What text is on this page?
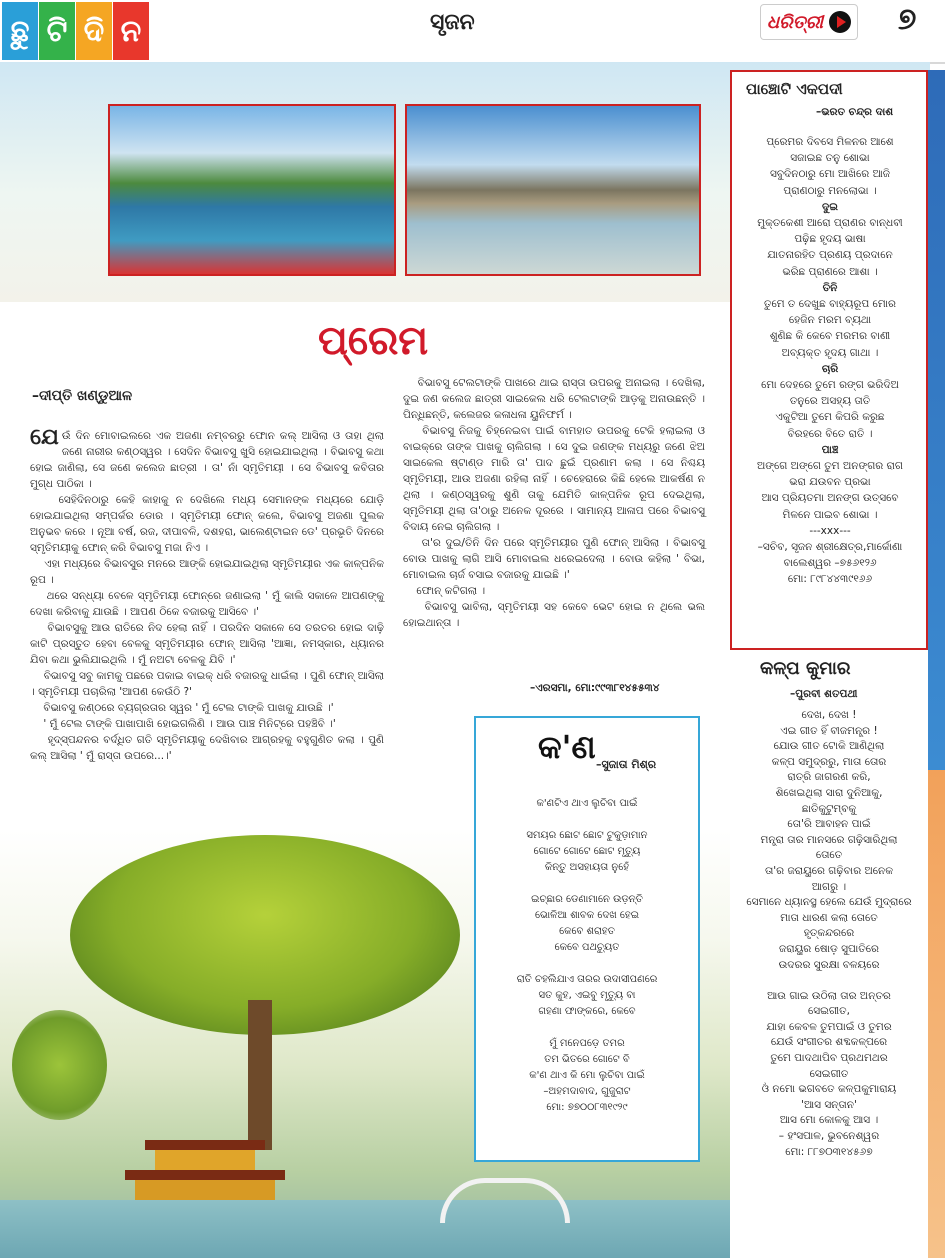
ଛୁ ଟି ଦି ନ	ସୃଜନ	ଧରିତ୍ରୀ ୭
ପ୍ରେମ
–ଦୀପ୍ତି ଖଣ୍ଡୁଆଳ
ଯେଉଁ ଦିନ ମୋବାଇଲରେ ଏକ ଅଜଣା ନମ୍ବରରୁ ଫୋନ କଲ୍ ଆସିଲା ଓ ତାହା ଥିଲା ଜଣେ ନାରୀର କଣ୍ଠସ୍ୱର । ସେଦିନ ବିଭାବସୁ ଖୁସି ହୋଇଯାଇଥିଲା । ବିଭାବସୁ କଥା ହୋଇ ଜାଣିଲା, ସେ ଜଣେ କଲେଜ ଛାତ୍ରୀ । ତା' ନାଁ ସ୍ମୃତିମୟୀ । ସେ ବିଭାବସୁ କବିତାର ମୁଗ୍ଧ ପାଠିକା ।
ସେହିଦିନଠାରୁ କେହି କାହାକୁ ନ ଦେଖିଲେ ମଧ୍ୟ ସେମାନଙ୍କ ମଧ୍ୟରେ ଯୋଡ଼ି ହୋଇଯାଇଥିଲା ସମ୍ପର୍କର ଡୋର । ସ୍ମୃତିମୟୀ ଫୋନ୍ କଲେ, ବିଭାବସୁ ଅଜଣା ପୁଲକ ଅନୁଭବ କରେ । ନୂଆ ବର୍ଷ, ରଜ, ଦୀପାବଳି, ଦଶହରା, ଭାଲେଣ୍ଟାଇନ ଡେ' ପ୍ରଭୃତି ଦିନରେ ସ୍ମୃତିମୟୀକୁ ଫୋନ୍ କରି ବିଭାବସୁ ମଜା ନିଏ ।
ଏହା ମଧ୍ୟରେ ବିଭାବସୁର ମନରେ ଆଙ୍କି ହୋଇଯାଇଥିଲା ସ୍ମୃତିମୟୀର ଏକ କାଳ୍ପନିକ ରୂପ ।
ଥରେ ସନ୍ଧ୍ୟା ବେଳେ ସ୍ମୃତିମୟୀ ଫୋନ୍‌ରେ ଜଣାଇଲା ' ମୁଁ କାଲି ସକାଳେ ଆପଣଙ୍କୁ ଦେଖା କରିବାକୁ ଯାଉଛି । ଆପଣ ଠିକେ ବଜାରକୁ ଆସିବେ ।'
ବିଭାବସୁକୁ ଆଉ ରାତିରେ ନିଦ ହେଲା ନାହିଁ । ପରଦିନ ସକାଳେ ସେ ତରତର ହୋଇ ଦାଢ଼ି କାଟି ପ୍ରସ୍ତୁତ ହେବା ବେଳକୁ ସ୍ମୃତିମୟୀର ଫୋନ୍ ଆସିଲା 'ଆଜ୍ଞା, ନମସ୍କାର, ଧ୍ୟାନର ଯିବା କଥା ଭୁଲିଯାଇଥିଲି । ମୁଁ ନଅଟା ବେଳକୁ ଯିବି ।'
ବିଭାବସୁ ସବୁ କାମକୁ ପଛରେ ପକାଇ ବାଇକ୍ ଧରି ବଜାରକୁ ଧାଇଁଲା । ପୁଣି ଫୋନ୍ ଆସିଲା । ସ୍ମୃତିମୟୀ ପଚାରିଲା 'ଆପଣ କେଉଁଠି ?'
ବିଭାବସୁ କଣ୍ଠରେ ବ୍ୟଗ୍ରତାର ସ୍ୱର ' ମୁଁ ଟେଲ ଟାଙ୍କି ପାଖକୁ ଯାଉଛି ।'
' ମୁଁ ଟେଲ ଟାଙ୍କି ପାଖାପାଖି ହୋଇଗଲିଣି । ଆଉ ପାଞ୍ଚ ମିନିଟ୍‌ରେ ପହଞ୍ଚିବି ।'
ହୃଦ୍‌ସ୍ପନ୍ଦନର ବର୍ଦ୍ଧିତ ଗତି ସ୍ମୃତିମୟୀକୁ ଦେଖିବାର ଆଗ୍ରହକୁ ବହୁଗୁଣିତ କଲା । ପୁଣି କଲ୍ ଆସିଲା ' ମୁଁ ରାସ୍ତା ଉପରେ...।'
ବିଭାବସୁ ଟେଲଟାଙ୍କି ପାଖରେ ଥାଇ ରାସ୍ତା ଉପରକୁ ଅନାଇଲା । ଦେଖିଲା, ଦୁଇ ଜଣ କଲେଜ ଛାତ୍ରୀ ସାଇକେଲ ଧରି ଟେଲଟାଙ୍କି ଆଡ଼କୁ ଅନାଉଛନ୍ତି । ପିନ୍ଧିଛନ୍ତି, କଲେଜର କଳାଧଳା ୟୁନିଫର୍ମ ।
ବିଭାବସୁ ନିଜକୁ ଚିହ୍ନେଇବା ପାଇଁ ବାମହାତ ଉପରକୁ ଟେକି ହଲାଇଲା ଓ ବାଇକ୍‌ରେ ତାଙ୍କ ପାଖକୁ ଚାଲିଗଲା । ସେ ଦୁଇ ଜଣଙ୍କ ମଧ୍ୟରୁ ଜଣେ ଝିଅ ସାଇକେଲ ଷ୍ଟାଣ୍ଡ ମାରି ତା' ପାଦ ଛୁଇଁ ପ୍ରଣାମ କଲା । ସେ ନିଶ୍ଚୟ ସ୍ମୃତିମୟୀ, ଆଉ ଅଜଣା ରହିଲା ନାହିଁ । ଚେହେରାରେ କିଛି ହେଲେ ଆକର୍ଷଣ ନ ଥିଲା । କଣ୍ଠସ୍ୱରକୁ ଶୁଣି ତାକୁ ଯେମିତି କାଳ୍ପନିକ ରୂପ ଦେଇଥିଲା, ସ୍ମୃତିମୟୀ ଥିଲା ତା'ଠାରୁ ଅନେକ ଦୂରରେ । ସାମାନ୍ୟ ଆଳାପ ପରେ ବିଭାବସୁ ବିଦାୟ ନେଇ ଚାଲିଗଲା ।
ତା'ର ଦୁଇ/ତିନି ଦିନ ପରେ ସ୍ମୃତିମୟୀର ପୁଣି ଫୋନ୍ ଆସିଲା । ବିଭାବସୁ ବୋଉ ପାଖକୁ ଲାଗି ଆସି ମୋବାଇଲ ଧରେଇଦେଲା । ବୋଉ କହିଲା ' ବିଭା, ମୋବାଇଲ ଚାର୍ଜ ବସାଇ ବଜାରକୁ ଯାଇଛି ।'
ଫୋନ୍ କଟିଗଲା ।
ବିଭାବସୁ ଭାବିଲା, ସ୍ମୃତିମୟୀ ସହ କେବେ ଭେଟ ହୋଇ ନ ଥିଲେ ଭଲ ହୋଇଥାନ୍ତା ।
–ଏରସମା, ମୋ:୯୯୩୮୧୪୫୫୩୪
କ'ଣ –ସୁଜାତା ମିଶ୍ର
କ'ଣଟିଏ ଥାଏ ଲୁଚିବା ପାଇଁ

ସମୟର ଛୋଟ ଛୋଟ ଟୁକୁଡ଼ାମାନ
ଗୋଟେ ଗୋଟେ ଛୋଟ ମୃତ୍ୟୁ
କିନ୍ତୁ ଅସହାୟତା ନୁହେଁ

ଇଚ୍ଛାର ଡେଣାମାନେ ଉଡ଼ନ୍ତି
ଭୋଳିଆ ଶାବକ ଦେଖ ହେଇ
କେବେ ଶରାହତ
କେବେ ପଥଚ୍ୟୁତ

ରାତି ଚହଲିଯାଏ ତାରର ଉଦାସୀପଣରେ
ସତ କୁହ, ଏଇବୁ ମୃତ୍ୟୁ ବା
ଗହଣା ଫାଙ୍କରେ, କେବେ

ମୁଁ ମନେପଡ଼େ ତମର
ତମ ଭିତରେ ଗୋଟେ ବି
କ'ଣ ଥାଏ କି ମୋ ଲୁଚିବା ପାଇଁ
–ଅହମଦାବାଦ, ଗୁଜୁରାଟ
ମୋ: ୭୭୦୦୮୩୧୯୨୯
ପାଞ୍ଚୋଟି ଏକପଦୀ
–ଭରତ ଚନ୍ଦ୍ର ଦାଶ
ପ୍ରେମର ଦିବସେ ମିଳନର ଆଶେ
ସଜାଇଛ ତନୁ ଶୋଭା
ସବୁଦିନଠାରୁ ମୋ ଆଖିରେ ଆଜି
ପ୍ରାଣଠାରୁ ମନଲୋଭା ।
ଦୁଇ
ମୁକ୍ତକେଶୀ ଆରୋ ପ୍ରାଣର ବାନ୍ଧବୀ
ପଢ଼ିଛ ହୃଦୟ ଭାଷା
ଯାତନାରହିତ ପ୍ରଣୟ ପ୍ରଦାନେ
ଭରିଛ ପ୍ରାଣରେ ଆଶା ।
ତିନି
ତୁମେ ତ ଦେଖୁଛ ବାହ୍ୟରୂପ ମୋର
ହେଜିନ ମରମ ବ୍ୟଥା
ଶୁଣିଛ କି କେବେ ମରମର ବାଣୀ
ଅବ୍ୟକ୍ତ ହୃଦୟ ଗାଥା ।
ଚାରି
ମୋ ଦେହରେ ତୁମେ ରଙ୍ଗ ଭରିଦିଅ
ତନୁରେ ଅସହ୍ୟ ତାତି
ଏକୁଟିଆ ତୁମେ କିପରି କରୁଛ
ବିରହରେ ବିତେ ରାତି ।
ପାଞ୍ଚ
ଅଙ୍ଗେ ଅଙ୍ଗେ ତୁମ ଅନଙ୍ଗର ରାଗ
ଭରା ଯଉବନ ପ୍ରଭା
ଆସ ପ୍ରିୟତମା ଅନଙ୍ଗ ଉତ୍ସବେ
ମିଳନେ ପାଇବ ଶୋଭା ।
---xxx---
–ସଚିବ, ସୃଜନ ଶ୍ରୀକ୍ଷେତ୍ର,ମାର୍କୋଣା
ବାଲେଶ୍ୱର –୭୫୬୧୨୬
ମୋ: ୮୯୮୪୪୩୯୧୬୬
କଳ୍ପ କୁମାର
–ପୁରବୀ ଶତପଥୀ
ଦେଖ, ଦେଖ !
ଏଇ ଗୀତ ହିଁ ବୀଜମନ୍ତ୍ର !
ଯୋଉ ଗୀତ ଟୋକି ଆଣିଥିଲା
କଳ୍ପ ସମୁଦ୍ରରୁ, ମାତା ତୋର
ରାତ୍ରି ଜାଗରଣ କରି,
ଶିଖେଇଥିଲା ସାରା ଦୁନିଆକୁ,
ଛାତିକୁଟୁମ୍ବକୁ
ତୋ'ରି ଆବାହନ ପାଇଁ
ମନ୍ତ୍ରା ତାର ମାନସରେ ଗଢ଼ିସାରିଥିଲା
ତୋତେ
ତା'ର ଜରାୟୁରେ ଗଢ଼ିବାର ଅନେକ
ଆଗରୁ ।
ସେମାନେ ଧ୍ୟାନସ୍ଥ ହେଲେ ଯେଉଁ ମୁଦ୍ରାରେ
ମାତା ଧାରଣ କଲା ତୋତେ
ହୃତ୍‌କନ୍ଦରରେ
ଜରାୟୁର ଷୋଡ଼ ସୁପାତିରେ
ଉଦରର ସୁରକ୍ଷା ବଳୟରେ

ଆଉ ଗାଇ ଉଠିଲା ତାର ଅନ୍ତର
ସେଇଗୀତ,
ଯାହା କେବଳ ତୁମପାଇଁ ଓ ତୁମର
ଯେଉଁ ସଂଗୀତର ଶବ୍ଦକଳ୍ପରେ
ତୁମେ ପାଦଥାପିବ ପ୍ରଥମଥର
ସେଇଗୀତ
ଓଁ ନମୋ ଭଗବତେ କଳ୍ପକୁମାରାୟ
'ଆସ ସନ୍ତାନ'
ଆସ ମୋ କୋଳକୁ ଆସ ।
– ହଂସପାଳ, ଭୁବନେଶ୍ୱର
ମୋ: ୮୮୭୦୩୧୪୫୬୭
